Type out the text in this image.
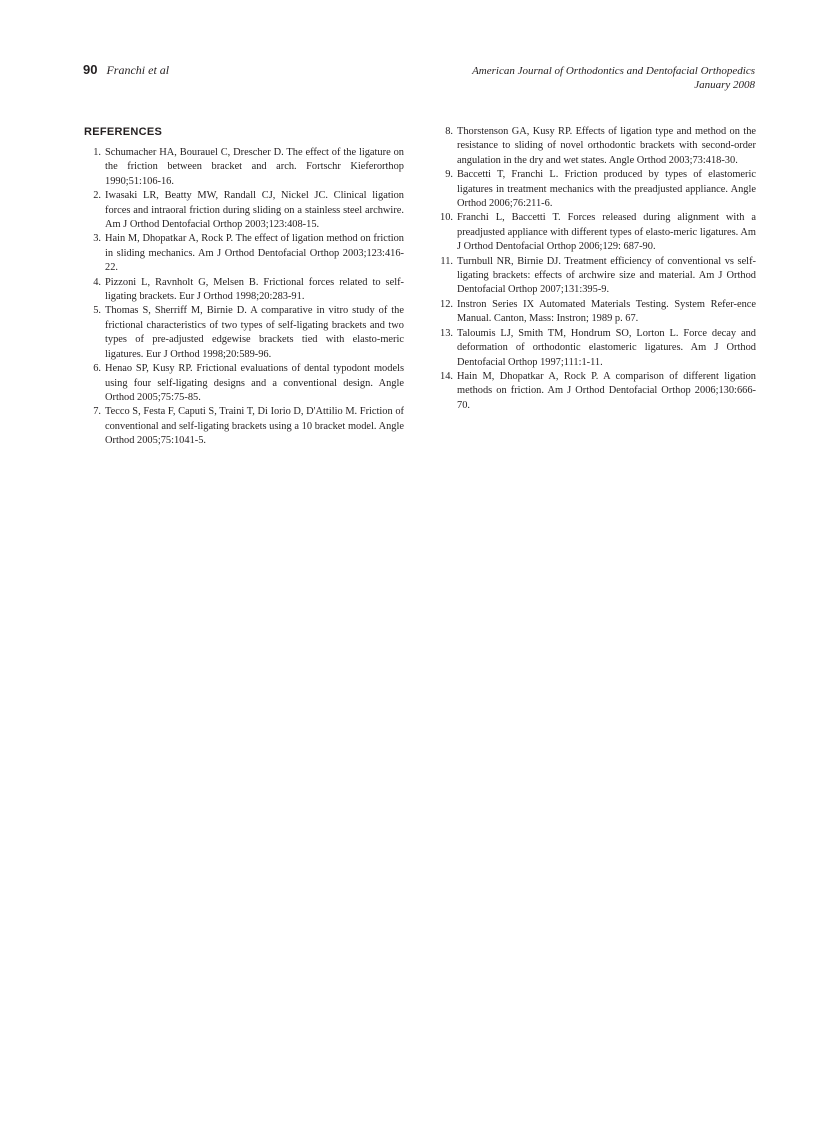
90 Franchi et al	American Journal of Orthodontics and Dentofacial Orthopedics
January 2008
REFERENCES
1. Schumacher HA, Bourauel C, Drescher D. The effect of the ligature on the friction between bracket and arch. Fortschr Kieferorthop 1990;51:106-16.
2. Iwasaki LR, Beatty MW, Randall CJ, Nickel JC. Clinical ligation forces and intraoral friction during sliding on a stainless steel archwire. Am J Orthod Dentofacial Orthop 2003;123:408-15.
3. Hain M, Dhopatkar A, Rock P. The effect of ligation method on friction in sliding mechanics. Am J Orthod Dentofacial Orthop 2003;123:416-22.
4. Pizzoni L, Ravnholt G, Melsen B. Frictional forces related to self-ligating brackets. Eur J Orthod 1998;20:283-91.
5. Thomas S, Sherriff M, Birnie D. A comparative in vitro study of the frictional characteristics of two types of self-ligating brackets and two types of pre-adjusted edgewise brackets tied with elasto-meric ligatures. Eur J Orthod 1998;20:589-96.
6. Henao SP, Kusy RP. Frictional evaluations of dental typodont models using four self-ligating designs and a conventional design. Angle Orthod 2005;75:75-85.
7. Tecco S, Festa F, Caputi S, Traini T, Di Iorio D, D'Attilio M. Friction of conventional and self-ligating brackets using a 10 bracket model. Angle Orthod 2005;75:1041-5.
8. Thorstenson GA, Kusy RP. Effects of ligation type and method on the resistance to sliding of novel orthodontic brackets with second-order angulation in the dry and wet states. Angle Orthod 2003;73:418-30.
9. Baccetti T, Franchi L. Friction produced by types of elastomeric ligatures in treatment mechanics with the preadjusted appliance. Angle Orthod 2006;76:211-6.
10. Franchi L, Baccetti T. Forces released during alignment with a preadjusted appliance with different types of elasto-meric ligatures. Am J Orthod Dentofacial Orthop 2006;129: 687-90.
11. Turnbull NR, Birnie DJ. Treatment efficiency of conventional vs self-ligating brackets: effects of archwire size and material. Am J Orthod Dentofacial Orthop 2007;131:395-9.
12. Instron Series IX Automated Materials Testing. System Refer-ence Manual. Canton, Mass: Instron; 1989 p. 67.
13. Taloumis LJ, Smith TM, Hondrum SO, Lorton L. Force decay and deformation of orthodontic elastomeric ligatures. Am J Orthod Dentofacial Orthop 1997;111:1-11.
14. Hain M, Dhopatkar A, Rock P. A comparison of different ligation methods on friction. Am J Orthod Dentofacial Orthop 2006;130:666-70.
